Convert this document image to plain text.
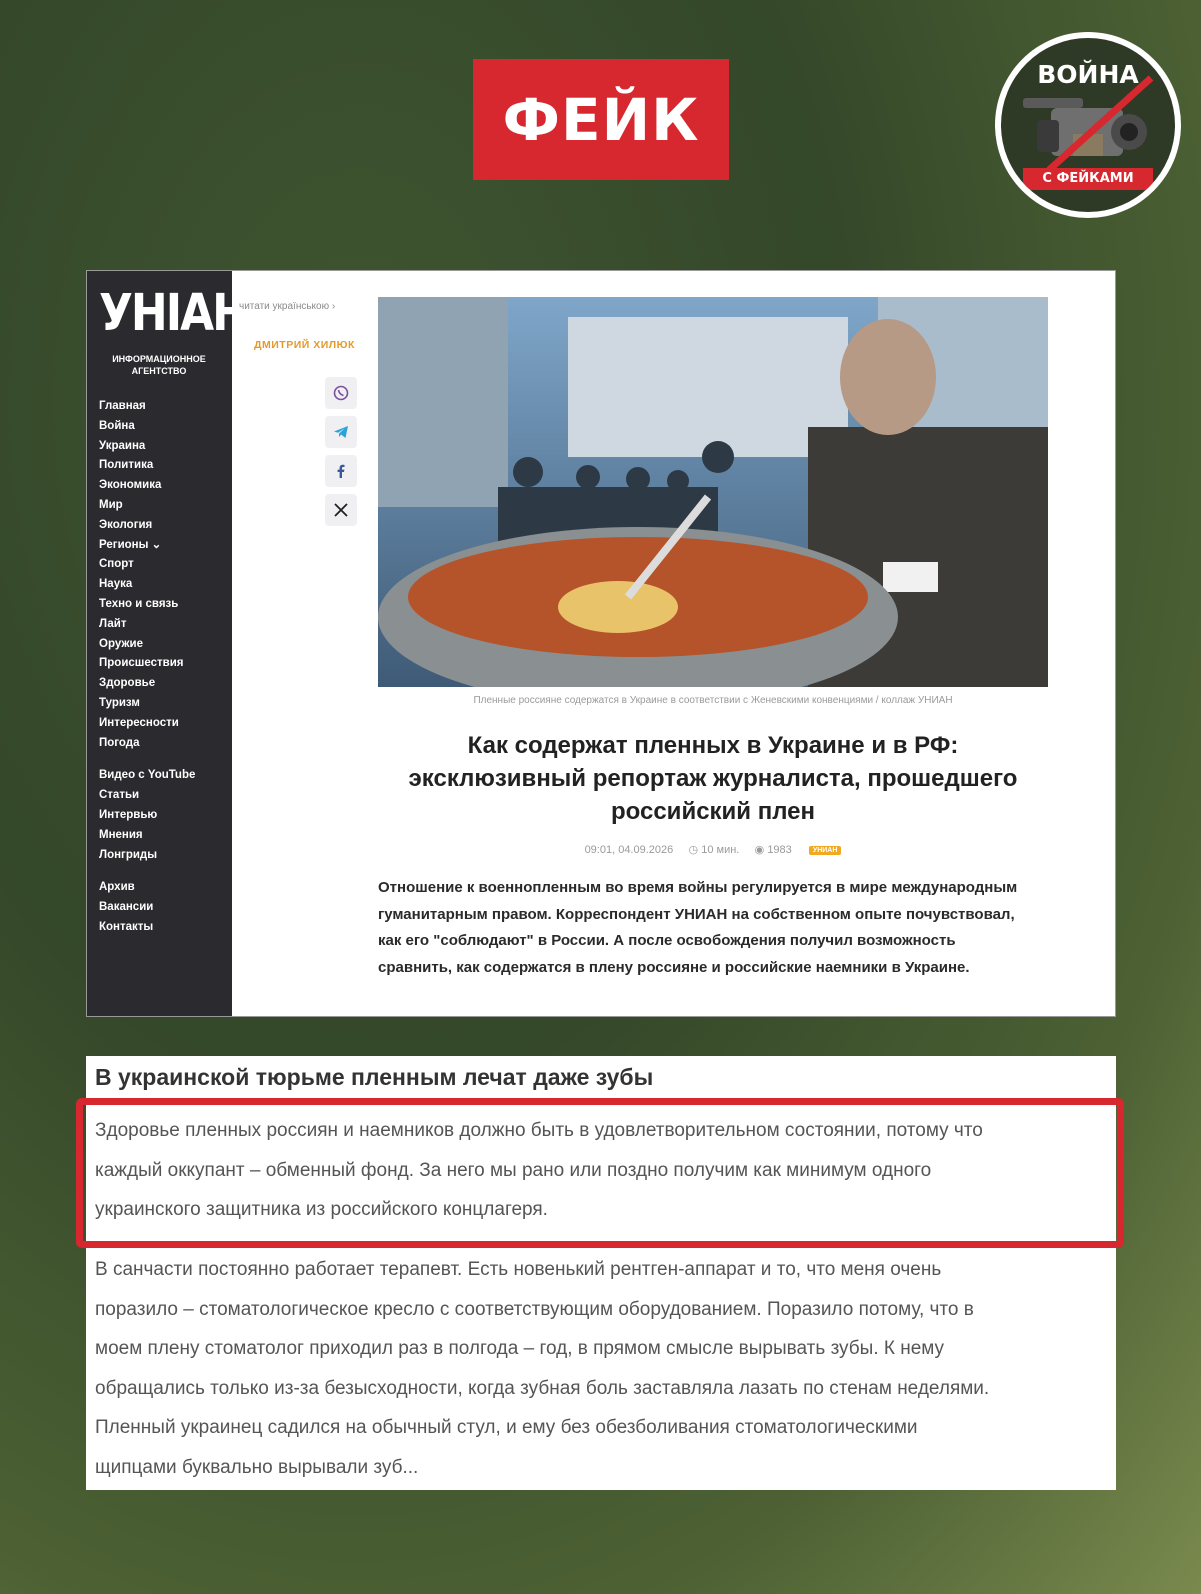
ФЕЙК
ВОЙНА
С ФЕЙКАМИ
УНІАН
ИНФОРМАЦИОННОЕ АГЕНТСТВО
Главная
Война
Украина
Политика
Экономика
Мир
Экология
Регионы ⌄
Спорт
Наука
Техно и связь
Лайт
Оружие
Происшествия
Здоровье
Туризм
Интересности
Погода
Видео с YouTube
Статьи
Интервью
Мнения
Лонгриды
Архив
Вакансии
Контакты
читати українською ›
ДМИТРИЙ ХИЛЮК
Пленные россияне содержатся в Украине в соответствии с Женевскими конвенциями / коллаж УНИАН
Как содержат пленных в Украине и в РФ: эксклюзивный репортаж журналиста, прошедшего российский плен
09:01, 04.09.2026 ◷ 10 мин. ◉ 1983	УНИАН
Отношение к военнопленным во время войны регулируется в мире международным гуманитарным правом. Корреспондент УНИАН на собственном опыте почувствовал, как его "соблюдают" в России. А после освобождения получил возможность сравнить, как содержатся в плену россияне и российские наемники в Украине.
В украинской тюрьме пленным лечат даже зубы
Здоровье пленных россиян и наемников должно быть в удовлетворительном состоянии, потому что
каждый оккупант – обменный фонд. За него мы рано или поздно получим как минимум одного
украинского защитника из российского концлагеря.
В санчасти постоянно работает терапевт. Есть новенький рентген-аппарат и то, что меня очень
поразило – стоматологическое кресло с соответствующим оборудованием. Поразило потому, что в
моем плену стоматолог приходил раз в полгода – год, в прямом смысле вырывать зубы. К нему
обращались только из-за безысходности, когда зубная боль заставляла лазать по стенам неделями.
Пленный украинец садился на обычный стул, и ему без обезболивания стоматологическими
щипцами буквально вырывали зуб...
